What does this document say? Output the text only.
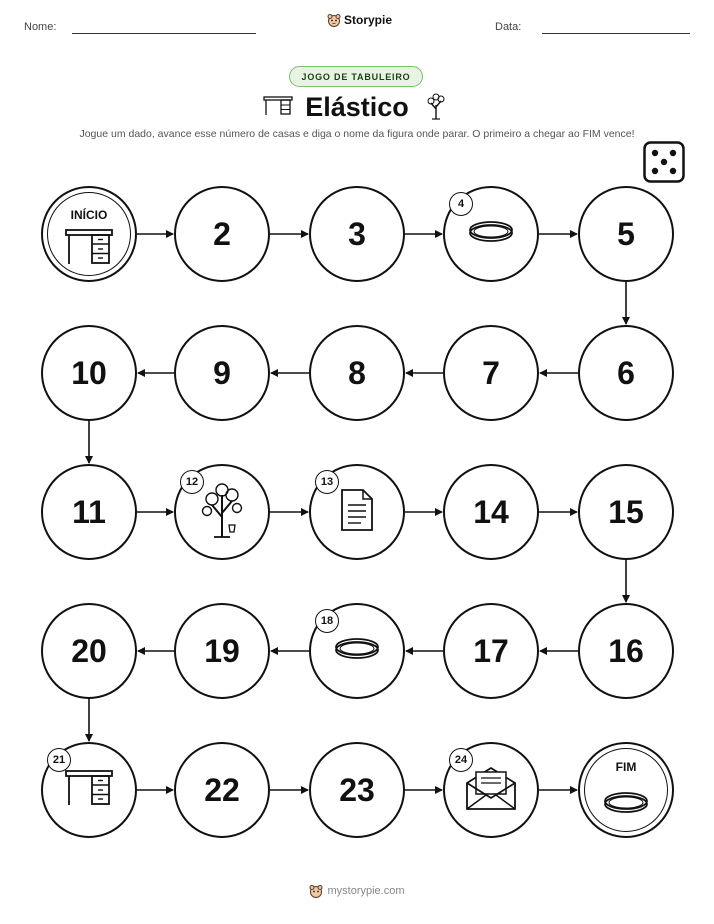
Nome:	Storypie	Data:
JOGO DE TABULEIRO
Elástico
Jogue um dado, avance esse número de casas e diga o nome da figura onde parar. O primeiro a chegar ao FIM vence!
INÍCIO
2	3
4
5
6
7
8
9
10
11
12	13
14	15
16
17
18
19
20
21
22	23
24	FIM
mystorypie.com
